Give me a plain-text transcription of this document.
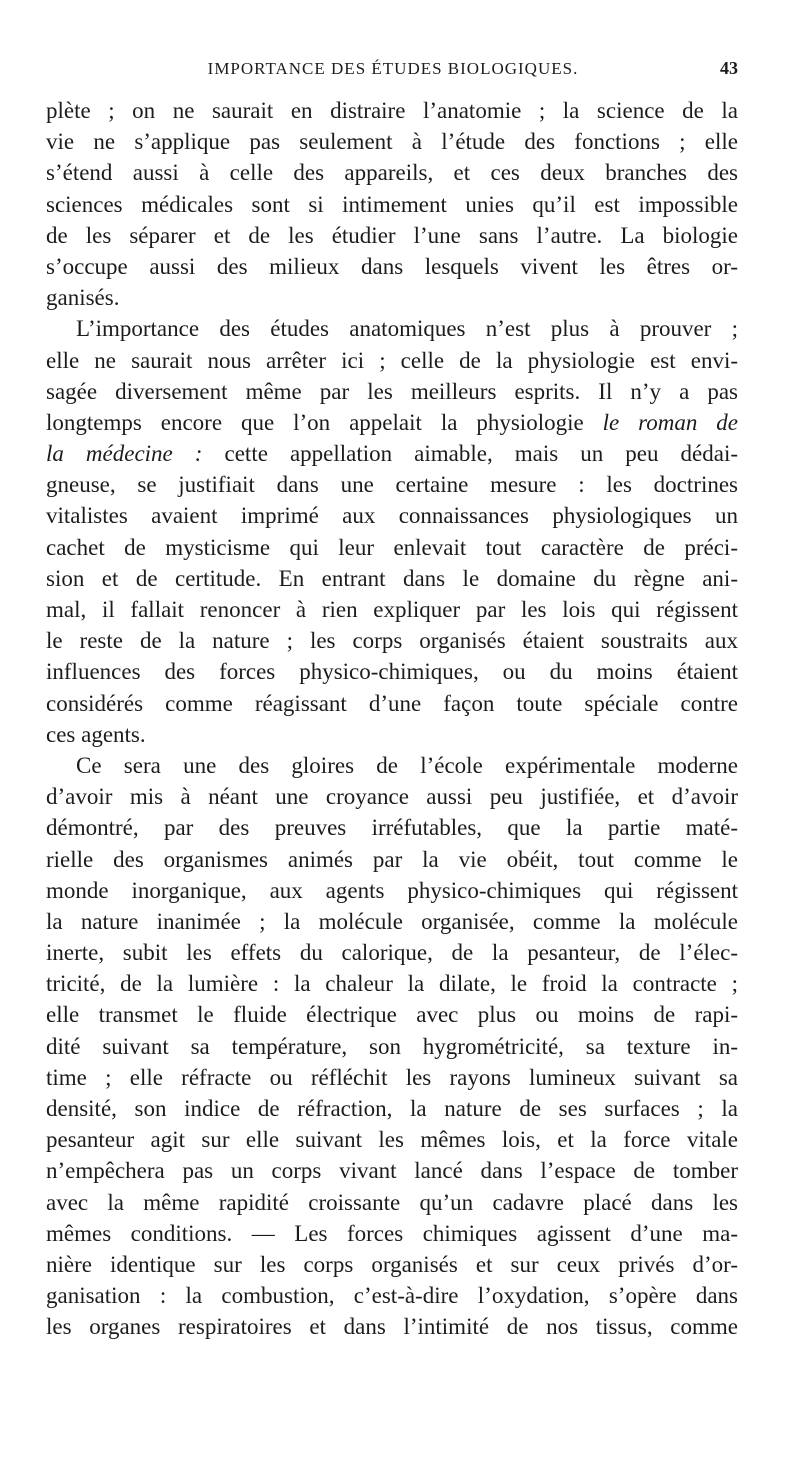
IMPORTANCE DES ÉTUDES BIOLOGIQUES.	43
plète ; on ne saurait en distraire l’anatomie ; la science de la
vie ne s’applique pas seulement à l’étude des fonctions ; elle
s’étend aussi à celle des appareils, et ces deux branches des
sciences médicales sont si intimement unies qu’il est impossible
de les séparer et de les étudier l’une sans l’autre. La biologie
s’occupe aussi des milieux dans lesquels vivent les êtres or-
ganisés.
L’importance des études anatomiques n’est plus à prouver ;
elle ne saurait nous arrêter ici ; celle de la physiologie est envi-
sagée diversement même par les meilleurs esprits. Il n’y a pas
longtemps encore que l’on appelait la physiologie le roman de
la médecine : cette appellation aimable, mais un peu dédai-
gneuse, se justifiait dans une certaine mesure : les doctrines
vitalistes avaient imprimé aux connaissances physiologiques un
cachet de mysticisme qui leur enlevait tout caractère de préci-
sion et de certitude. En entrant dans le domaine du règne ani-
mal, il fallait renoncer à rien expliquer par les lois qui régissent
le reste de la nature ; les corps organisés étaient soustraits aux
influences des forces physico-chimiques, ou du moins étaient
considérés comme réagissant d’une façon toute spéciale contre
ces agents.
Ce sera une des gloires de l’école expérimentale moderne
d’avoir mis à néant une croyance aussi peu justifiée, et d’avoir
démontré, par des preuves irréfutables, que la partie maté-
rielle des organismes animés par la vie obéit, tout comme le
monde inorganique, aux agents physico-chimiques qui régissent
la nature inanimée ; la molécule organisée, comme la molécule
inerte, subit les effets du calorique, de la pesanteur, de l’élec-
tricité, de la lumière : la chaleur la dilate, le froid la contracte ;
elle transmet le fluide électrique avec plus ou moins de rapi-
dité suivant sa température, son hygrométricité, sa texture in-
time ; elle réfracte ou réfléchit les rayons lumineux suivant sa
densité, son indice de réfraction, la nature de ses surfaces ; la
pesanteur agit sur elle suivant les mêmes lois, et la force vitale
n’empêchera pas un corps vivant lancé dans l’espace de tomber
avec la même rapidité croissante qu’un cadavre placé dans les
mêmes conditions. — Les forces chimiques agissent d’une ma-
nière identique sur les corps organisés et sur ceux privés d’or-
ganisation : la combustion, c’est-à-dire l’oxydation, s’opère dans
les organes respiratoires et dans l’intimité de nos tissus, comme
